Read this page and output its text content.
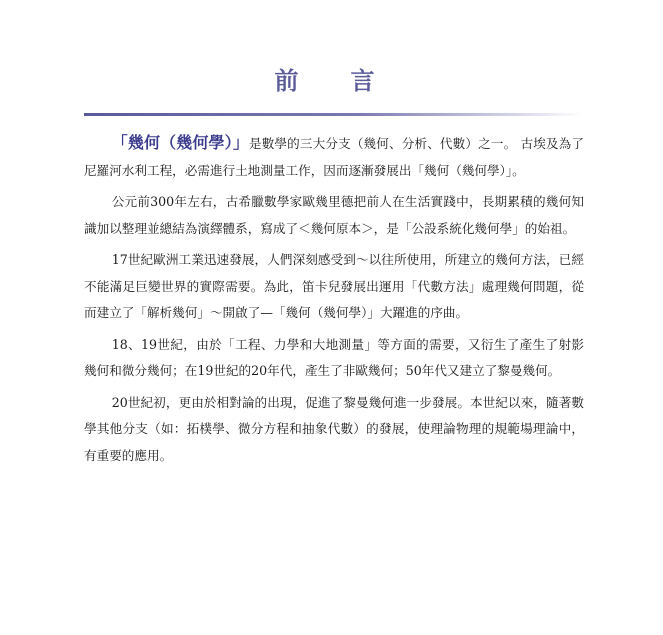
前　言

「幾何（幾何學）」是數學的三大分支（幾何、分析、代數）之一。 古埃及為了尼羅河水利工程，必需進行土地測量工作，因而逐漸發展出「幾何（幾何學）」。

公元前300年左右，古希臘數學家歐幾里德把前人在生活實踐中，長期累積的幾何知識加以整理並總結為演繹體系，寫成了＜幾何原本＞，是「公設系統化幾何學」的始祖。

17世紀歐洲工業迅速發展，人們深刻感受到～以往所使用，所建立的幾何方法，已經不能滿足巨變世界的實際需要。為此，笛卡兒發展出運用「代數方法」處理幾何問題，從而建立了「解析幾何」～開啟了—「幾何（幾何學）」大躍進的序曲。

18、19世紀，由於「工程、力學和大地測量」等方面的需要，又衍生了產生了射影幾何和微分幾何；在19世紀的20年代，產生了非歐幾何；50年代又建立了黎曼幾何。

20世紀初，更由於相對論的出現，促進了黎曼幾何進一步發展。本世紀以來，隨著數學其他分支（如：拓樸學、微分方程和抽象代數）的發展，使理論物理的規範場理論中，有重要的應用。
